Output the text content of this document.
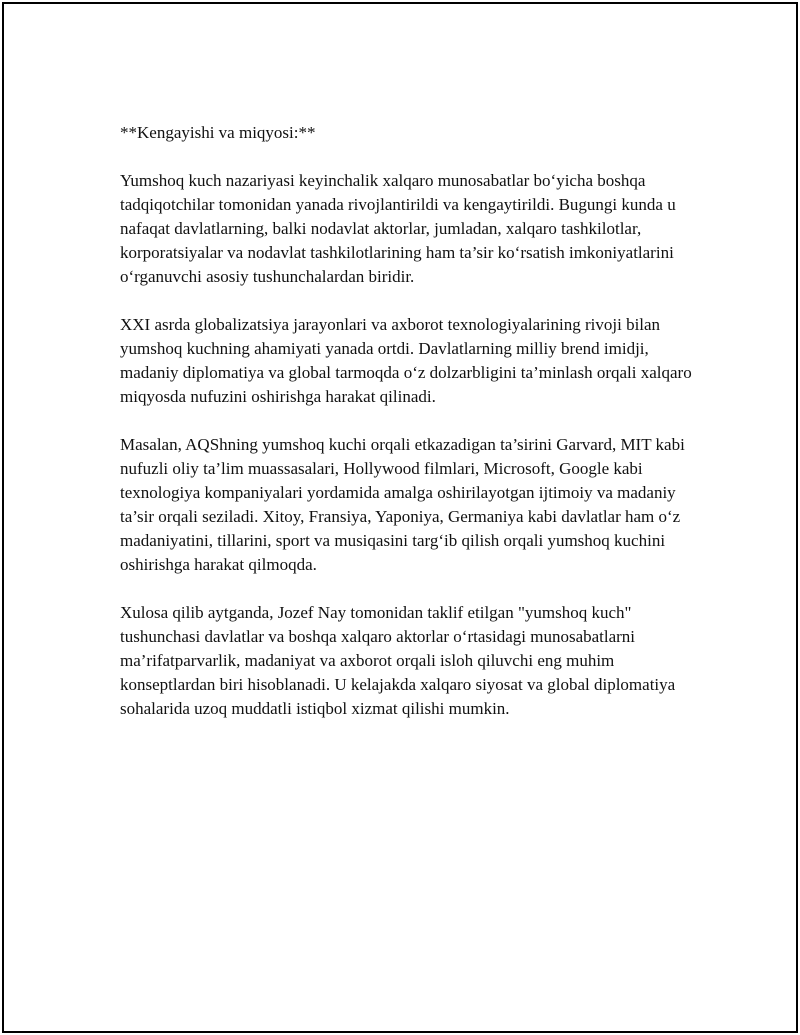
**Kengayishi va miqyosi:**

Yumshoq kuch nazariyasi keyinchalik xalqaro munosabatlar bo‘yicha boshqa tadqiqotchilar tomonidan yanada rivojlantirildi va kengaytirildi. Bugungi kunda u nafaqat davlatlarning, balki nodavlat aktorlar, jumladan, xalqaro tashkilotlar, korporatsiyalar va nodavlat tashkilotlarining ham ta’sir ko‘rsatish imkoniyatlarini o‘rganuvchi asosiy tushunchalardan biridir.

XXI asrda globalizatsiya jarayonlari va axborot texnologiyalarining rivoji bilan yumshoq kuchning ahamiyati yanada ortdi. Davlatlarning milliy brend imidji, madaniy diplomatiya va global tarmoqda o‘z dolzarbligini ta’minlash orqali xalqaro miqyosda nufuzini oshirishga harakat qilinadi.

Masalan, AQShning yumshoq kuchi orqali etkazadigan ta’sirini Garvard, MIT kabi nufuzli oliy ta’lim muassasalari, Hollywood filmlari, Microsoft, Google kabi texnologiya kompaniyalari yordamida amalga oshirilayotgan ijtimoiy va madaniy ta’sir orqali seziladi. Xitoy, Fransiya, Yaponiya, Germaniya kabi davlatlar ham o‘z madaniyatini, tillarini, sport va musiqasini targ‘ib qilish orqali yumshoq kuchini oshirishga harakat qilmoqda.

Xulosa qilib aytganda, Jozef Nay tomonidan taklif etilgan "yumshoq kuch" tushunchasi davlatlar va boshqa xalqaro aktorlar o‘rtasidagi munosabatlarni ma’rifatparvarlik, madaniyat va axborot orqali isloh qiluvchi eng muhim konseptlardan biri hisoblanadi. U kelajakda xalqaro siyosat va global diplomatiya sohalarida uzoq muddatli istiqbol xizmat qilishi mumkin.
